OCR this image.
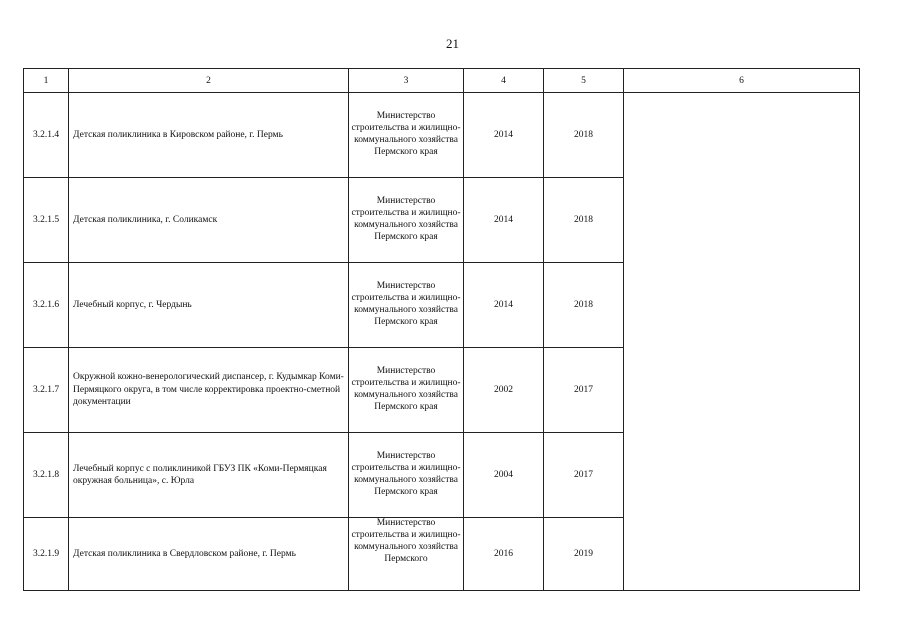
21
1	2	3	4	5	6
3.2.1.4	Детская поликлиника в Кировском районе, г. Пермь	Министерство строительства и жилищно-коммунального хозяйства Пермского края	2014	2018	
3.2.1.5	Детская поликлиника, г. Соликамск	Министерство строительства и жилищно-коммунального хозяйства Пермского края	2014	2018	
3.2.1.6	Лечебный корпус, г. Чердынь	Министерство строительства и жилищно-коммунального хозяйства Пермского края	2014	2018	
3.2.1.7	Окружной кожно-венерологический диспансер, г. Кудымкар Коми-Пермяцкого округа, в том числе корректировка проектно-сметной документации	Министерство строительства и жилищно-коммунального хозяйства Пермского края	2002	2017	
3.2.1.8	Лечебный корпус с поликлиникой ГБУЗ ПК «Коми-Пермяцкая окружная больница», с. Юрла	Министерство строительства и жилищно-коммунального хозяйства Пермского края	2004	2017	
3.2.1.9	Детская поликлиника в Свердловском районе, г. Пермь	Министерство строительства и жилищно-коммунального хозяйства Пермского	2016	2019	
